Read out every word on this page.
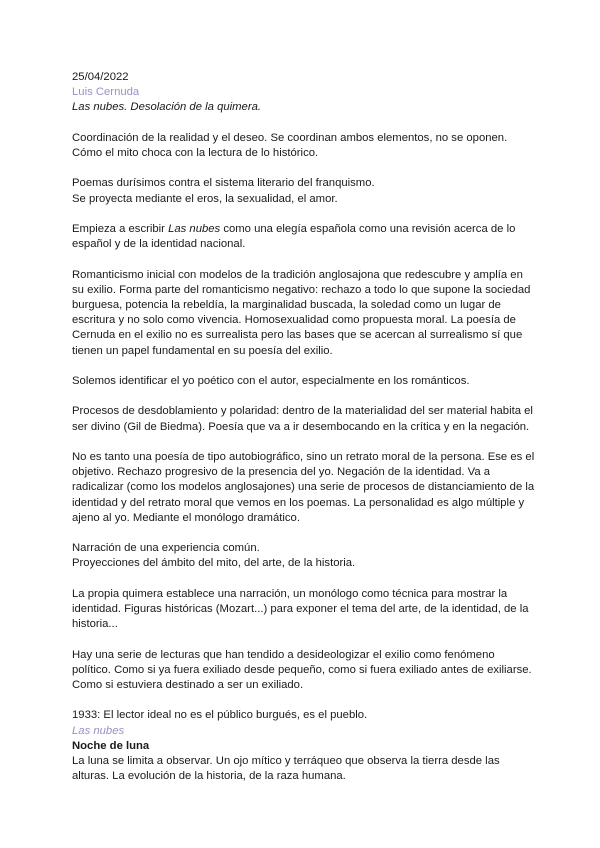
25/04/2022
Luis Cernuda
Las nubes. Desolación de la quimera.
Coordinación de la realidad y el deseo. Se coordinan ambos elementos, no se oponen.
Cómo el mito choca con la lectura de lo histórico.
Poemas durísimos contra el sistema literario del franquismo.
Se proyecta mediante el eros, la sexualidad, el amor.
Empieza a escribir Las nubes como una elegía española como una revisión acerca de lo
español y de la identidad nacional.
Romanticismo inicial con modelos de la tradición anglosajona que redescubre y amplía en
su exilio. Forma parte del romanticismo negativo: rechazo a todo lo que supone la sociedad
burguesa, potencia la rebeldía, la marginalidad buscada, la soledad como un lugar de
escritura y no solo como vivencia. Homosexualidad como propuesta moral. La poesía de
Cernuda en el exilio no es surrealista pero las bases que se acercan al surrealismo sí que
tienen un papel fundamental en su poesía del exilio.
Solemos identificar el yo poético con el autor, especialmente en los románticos.
Procesos de desdoblamiento y polaridad: dentro de la materialidad del ser material habita el
ser divino (Gil de Biedma). Poesía que va a ir desembocando en la crítica y en la negación.
No es tanto una poesía de tipo autobiográfico, sino un retrato moral de la persona. Ese es el
objetivo. Rechazo progresivo de la presencia del yo. Negación de la identidad. Va a
radicalizar (como los modelos anglosajones) una serie de procesos de distanciamiento de la
identidad y del retrato moral que vemos en los poemas. La personalidad es algo múltiple y
ajeno al yo. Mediante el monólogo dramático.
Narración de una experiencia común.
Proyecciones del ámbito del mito, del arte, de la historia.
La propia quimera establece una narración, un monólogo como técnica para mostrar la
identidad. Figuras históricas (Mozart...) para exponer el tema del arte, de la identidad, de la
historia...
Hay una serie de lecturas que han tendido a desideologizar el exilio como fenómeno
político. Como si ya fuera exiliado desde pequeño, como si fuera exiliado antes de exiliarse.
Como si estuviera destinado a ser un exiliado.
1933: El lector ideal no es el público burgués, es el pueblo.
Las nubes
Noche de luna
La luna se limita a observar. Un ojo mítico y terráqueo que observa la tierra desde las
alturas. La evolución de la historia, de la raza humana.
